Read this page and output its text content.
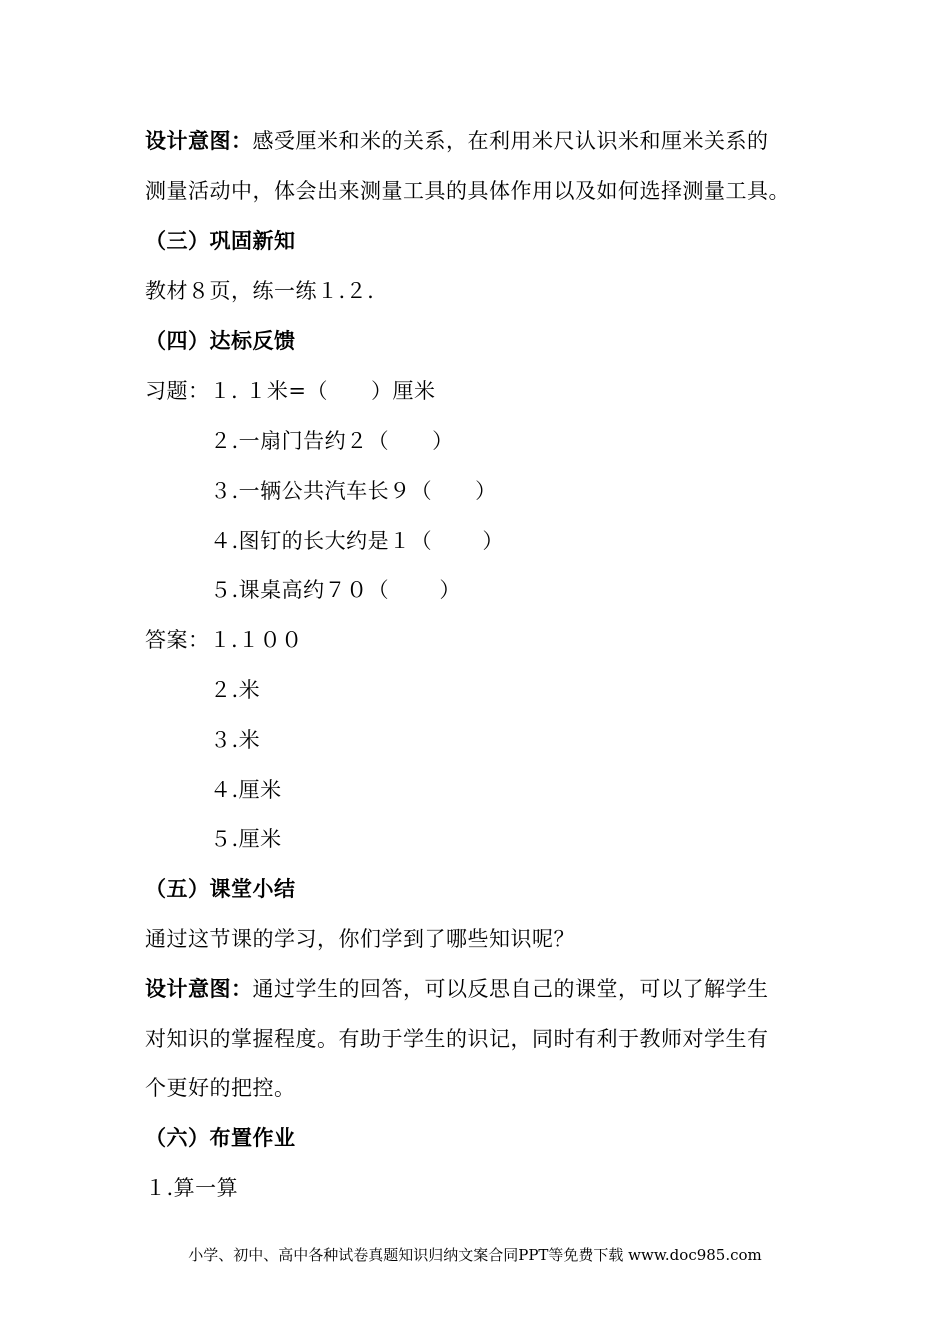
设计意图：感受厘米和米的关系，在利用米尺认识米和厘米关系的
测量活动中，体会出来测量工具的具体作用以及如何选择测量工具。
（三）巩固新知
教材８页，练一练１.２.
（四）达标反馈
习题：１. １米=（　　）厘米
２.一扇门告约２（　　）
３.一辆公共汽车长９（　　）
４.图钉的长大约是１（　　 ）
５.课桌高约７０（　　 ）
答案：１.１００
２.米
３.米
４.厘米
５.厘米
（五）课堂小结
通过这节课的学习，你们学到了哪些知识呢？
设计意图：通过学生的回答，可以反思自己的课堂，可以了解学生
对知识的掌握程度。有助于学生的识记，同时有利于教师对学生有
个更好的把控。
（六）布置作业
１.算一算
小学、初中、高中各种试卷真题知识归纳文案合同PPT等免费下载 www.doc985.com
